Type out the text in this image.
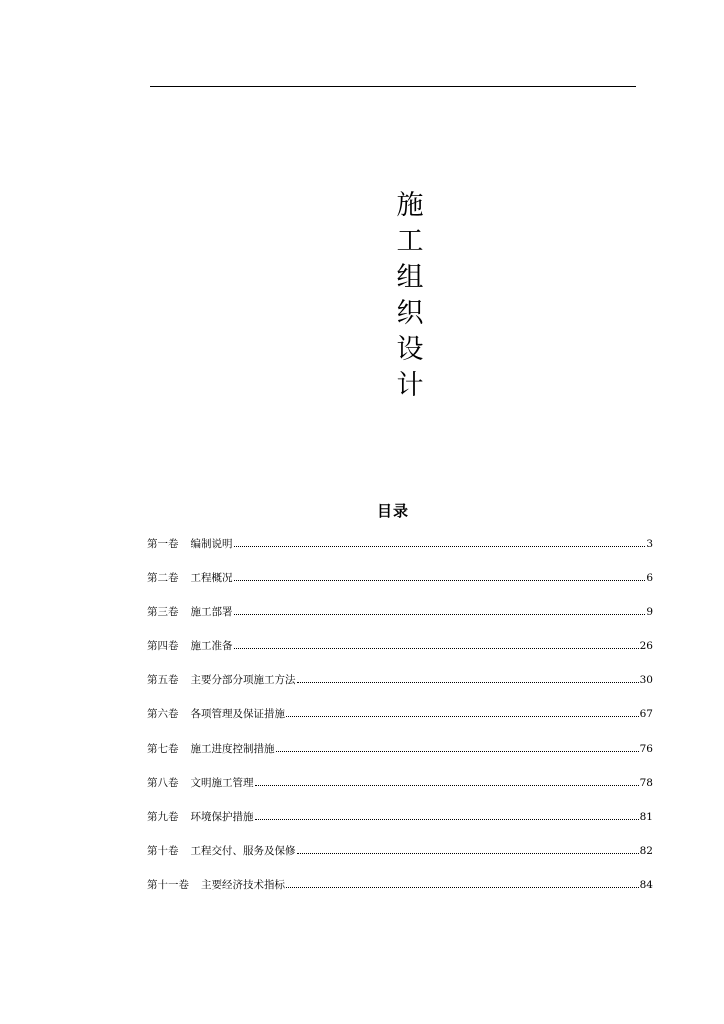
施
工
组
织
设
计
目录
第一卷 编制说明	3
第二卷 工程概况	6
第三卷 施工部署	9
第四卷 施工准备	26
第五卷 主要分部分项施工方法	30
第六卷 各项管理及保证措施	67
第七卷 施工进度控制措施	76
第八卷 文明施工管理	78
第九卷 环境保护措施	81
第十卷 工程交付、服务及保修	82
第十一卷 主要经济技术指标	84
